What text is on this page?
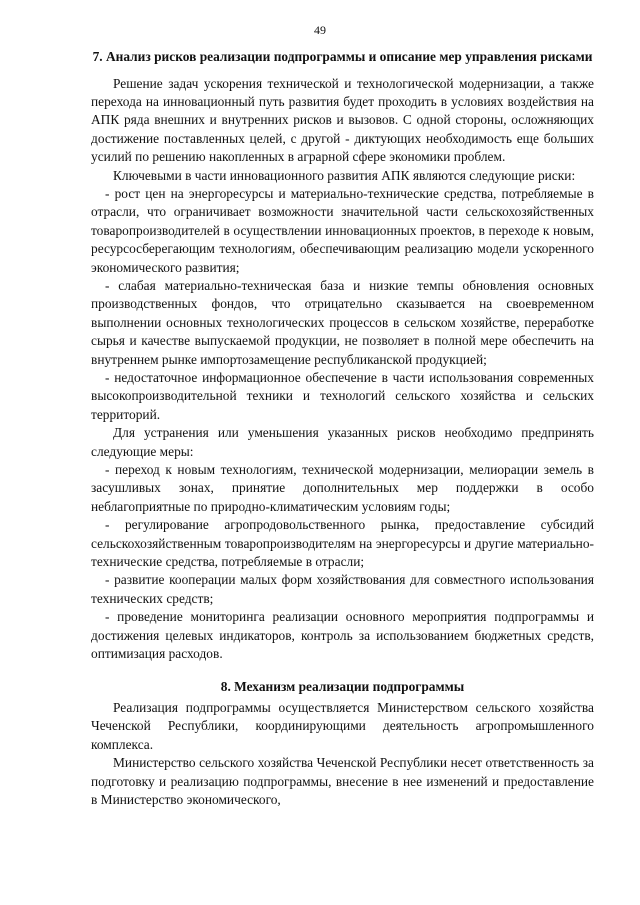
49
7. Анализ рисков реализации подпрограммы и описание мер управления рисками

Решение задач ускорения технической и технологической модернизации, а также перехода на инновационный путь развития будет проходить в условиях воздействия на АПК ряда внешних и внутренних рисков и вызовов. С одной стороны, осложняющих достижение поставленных целей, с другой - диктующих необходимость еще больших усилий по решению накопленных в аграрной сфере экономики проблем.

Ключевыми в части инновационного развития АПК являются следующие риски:

- рост цен на энергоресурсы и материально-технические средства, потребляемые в отрасли, что ограничивает возможности значительной части сельскохозяйственных товаропроизводителей в осуществлении инновационных проектов, в переходе к новым, ресурсосберегающим технологиям, обеспечивающим реализацию модели ускоренного экономического развития;

- слабая материально-техническая база и низкие темпы обновления основных производственных фондов, что отрицательно сказывается на своевременном выполнении основных технологических процессов в сельском хозяйстве, переработке сырья и качестве выпускаемой продукции, не позволяет в полной мере обеспечить на внутреннем рынке импортозамещение республиканской продукцией;

- недостаточное информационное обеспечение в части использования современных высокопроизводительной техники и технологий сельского хозяйства и сельских территорий.

Для устранения или уменьшения указанных рисков необходимо предпринять следующие меры:

- переход к новым технологиям, технической модернизации, мелиорации земель в засушливых зонах, принятие дополнительных мер поддержки в особо неблагоприятные по природно-климатическим условиям годы;

- регулирование агропродовольственного рынка, предоставление субсидий сельскохозяйственным товаропроизводителям на энергоресурсы и другие материально-технические средства, потребляемые в отрасли;

- развитие кооперации малых форм хозяйствования для совместного использования технических средств;

- проведение мониторинга реализации основного мероприятия подпрограммы и достижения целевых индикаторов, контроль за использованием бюджетных средств, оптимизация расходов.

8. Механизм реализации подпрограммы

Реализация подпрограммы осуществляется Министерством сельского хозяйства Чеченской Республики, координирующими деятельность агропромышленного комплекса.

Министерство сельского хозяйства Чеченской Республики несет ответственность за подготовку и реализацию подпрограммы, внесение в нее изменений и предоставление в Министерство экономического,
